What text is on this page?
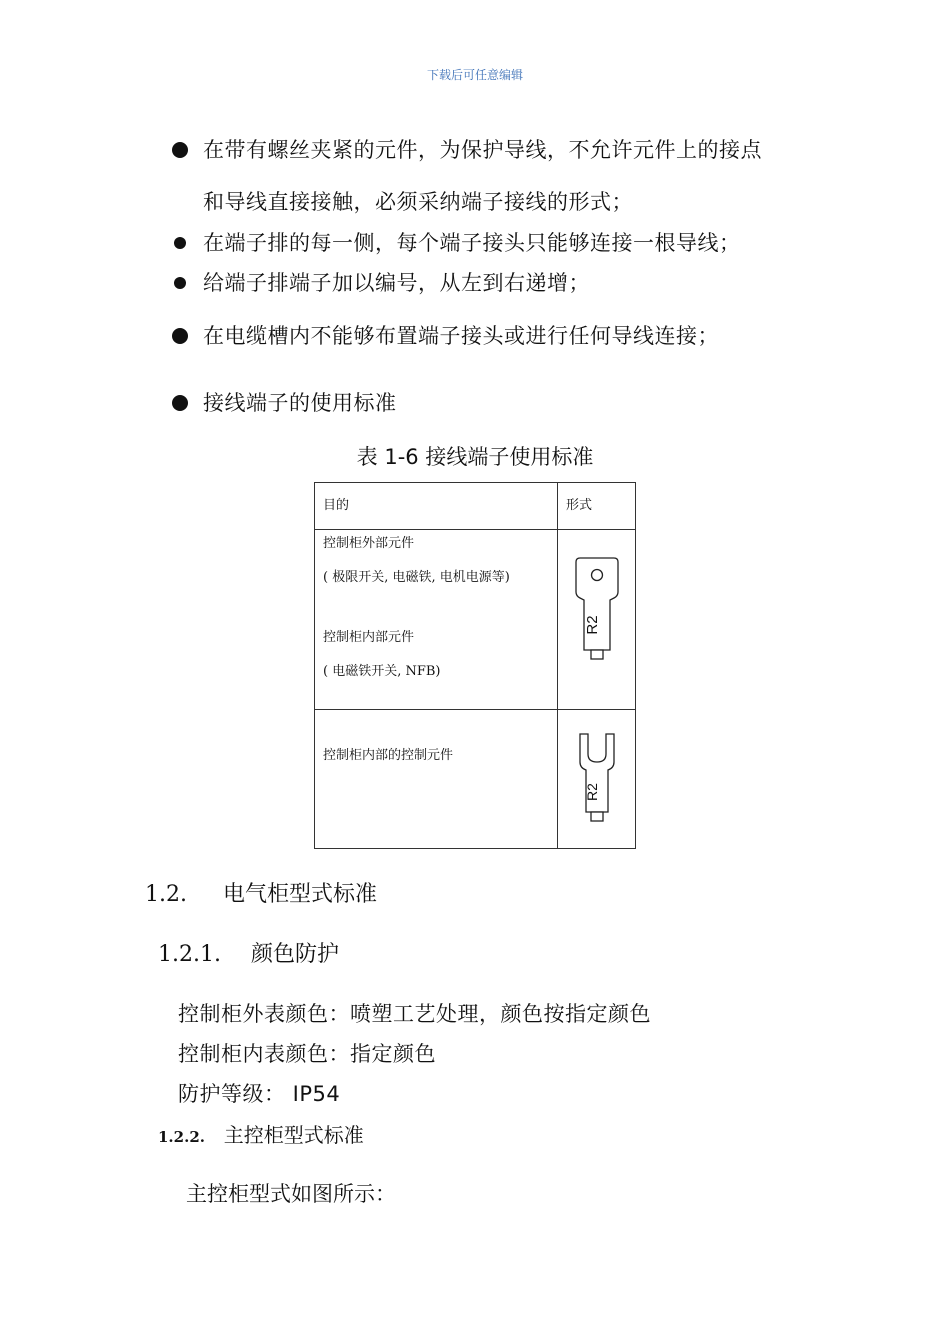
下载后可任意编辑
在带有螺丝夹紧的元件，为保护导线，不允许元件上的接点
和导线直接接触，必须采纳端子接线的形式；
在端子排的每一侧，每个端子接头只能够连接一根导线；
给端子排端子加以编号，从左到右递增；
在电缆槽内不能够布置端子接头或进行任何导线连接；
接线端子的使用标准
表 1-6 接线端子使用标准
目的	形式

控制柜外部元件
( 极限开关, 电磁铁, 电机电源等)
控制柜内部元件
( 电磁铁开关, NFB)	R2

控制柜内部的控制元件	R2
1.2. 电气柜型式标准
1.2.1. 颜色防护
控制柜外表颜色：喷塑工艺处理，颜色按指定颜色
控制柜内表颜色：指定颜色
防护等级： IP54
1.2.2. 主控柜型式标准
主控柜型式如图所示：
